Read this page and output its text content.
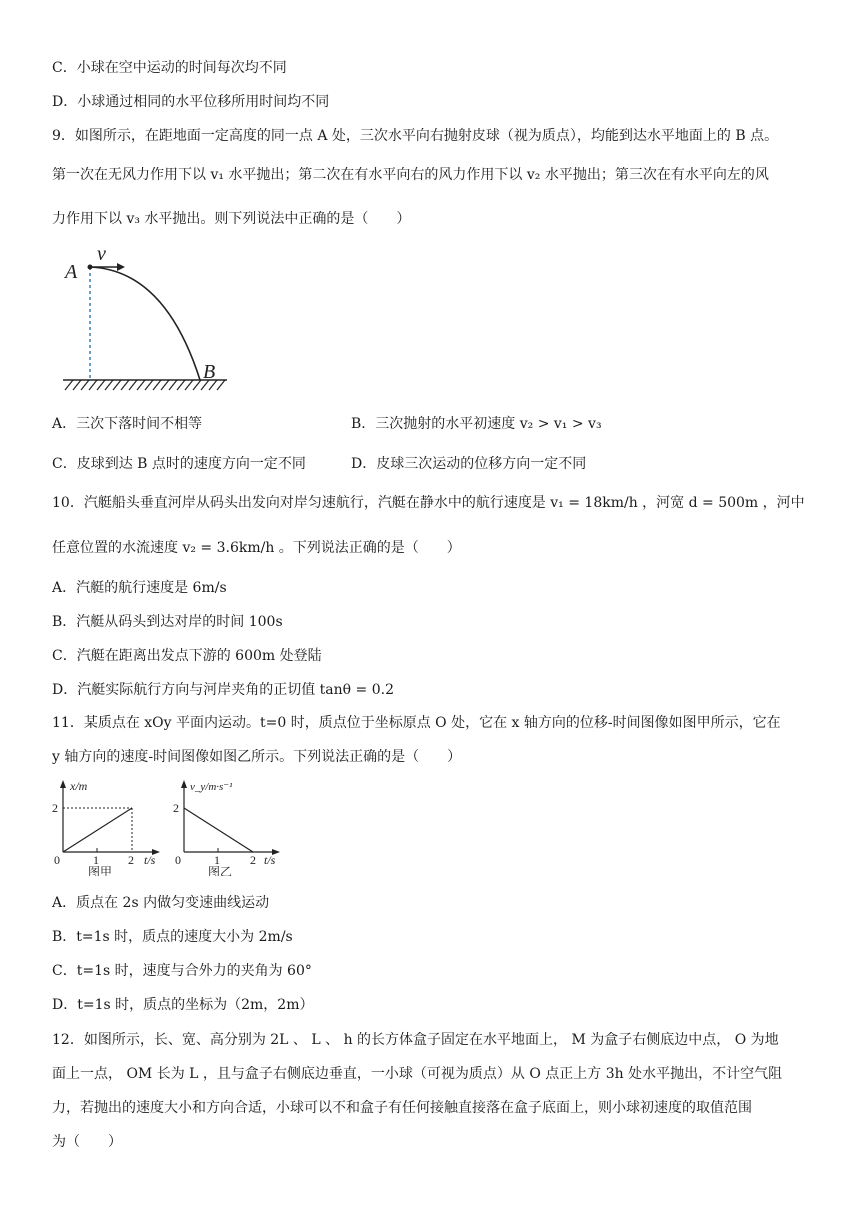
C．小球在空中运动的时间每次均不同
D．小球通过相同的水平位移所用时间均不同
9．如图所示，在距地面一定高度的同一点 A 处，三次水平向右抛射皮球（视为质点），均能到达水平地面上的 B 点。
第一次在无风力作用下以 v₁ 水平抛出；第二次在有水平向右的风力作用下以 v₂ 水平抛出；第三次在有水平向左的风
力作用下以 v₃ 水平抛出。则下列说法中正确的是（　　）
A
v
B
A．三次下落时间不相等	B．三次抛射的水平初速度 v₂ > v₁ > v₃
C．皮球到达 B 点时的速度方向一定不同	D．皮球三次运动的位移方向一定不同
10．汽艇船头垂直河岸从码头出发向对岸匀速航行，汽艇在静水中的航行速度是 v₁ = 18km/h ，河宽 d = 500m ，河中
任意位置的水流速度 v₂ = 3.6km/h 。下列说法正确的是（　　）
A．汽艇的航行速度是 6m/s
B．汽艇从码头到达对岸的时间 100s
C．汽艇在距离出发点下游的 600m 处登陆
D．汽艇实际航行方向与河岸夹角的正切值 tanθ = 0.2
11．某质点在 xOy 平面内运动。t=0 时，质点位于坐标原点 O 处，它在 x 轴方向的位移-时间图像如图甲所示，它在
y 轴方向的速度-时间图像如图乙所示。下列说法正确的是（　　）
x/m
2
0	1 2 t/s
图甲
v_y/m·s⁻¹
2
0	1	2 t/s
图乙
A．质点在 2s 内做匀变速曲线运动
B．t=1s 时，质点的速度大小为 2m/s
C．t=1s 时，速度与合外力的夹角为 60°
D．t=1s 时，质点的坐标为（2m，2m）
12．如图所示，长、宽、高分别为 2L 、 L 、 h 的长方体盒子固定在水平地面上， M 为盒子右侧底边中点， O 为地
面上一点， OM 长为 L ，且与盒子右侧底边垂直，一小球（可视为质点）从 O 点正上方 3h 处水平抛出，不计空气阻
力，若抛出的速度大小和方向合适，小球可以不和盒子有任何接触直接落在盒子底面上，则小球初速度的取值范围
为（　　）
